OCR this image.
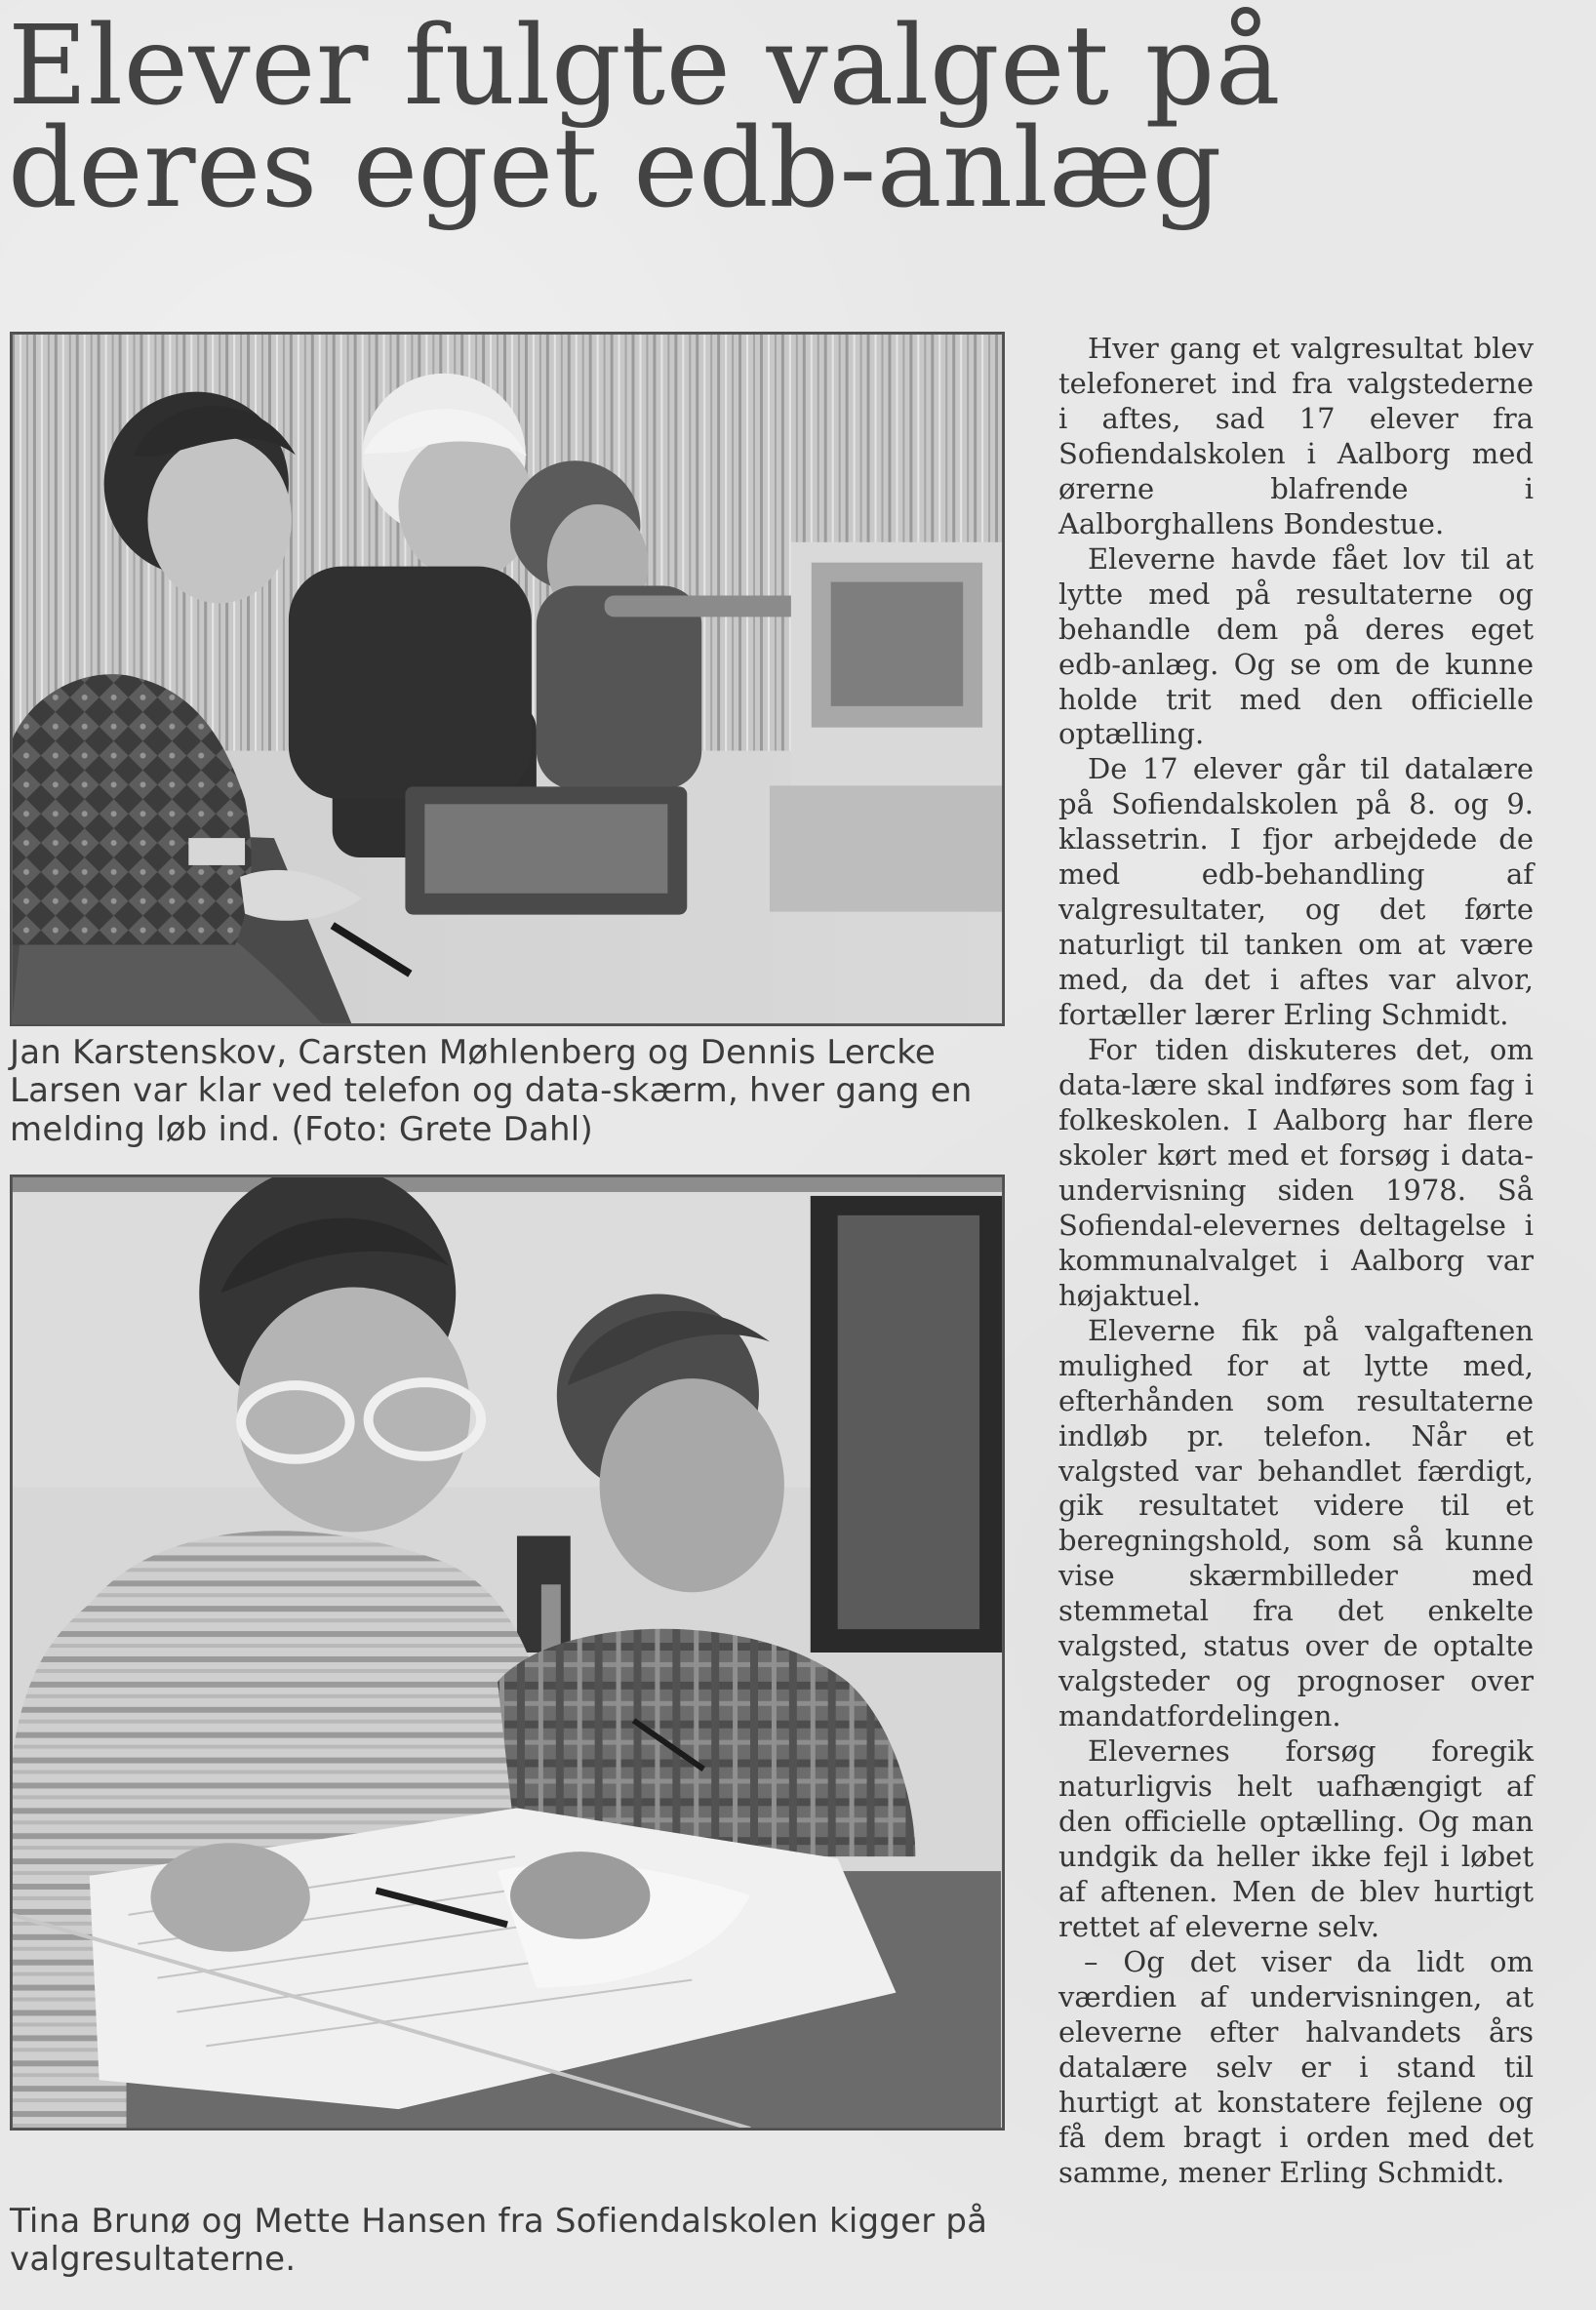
Elever fulgte valget på
deres eget edb-anlæg

Jan Karstenskov, Carsten Møhlenberg og Dennis Lercke Larsen var klar ved telefon og data-skærm, hver gang en melding løb ind. (Foto: Grete Dahl)

Tina Brunø og Mette Hansen fra Sofiendalskolen kigger på valgresultaterne.

Hver gang et valgresultat blev telefoneret ind fra valgstederne i aftes, sad 17 elever fra Sofiendalskolen i Aalborg med ørerne blafrende i Aalborghallens Bondestue.

Eleverne havde fået lov til at lytte med på resultaterne og behandle dem på deres eget edb-anlæg. Og se om de kunne holde trit med den officielle optælling.

De 17 elever går til datalære på Sofiendalskolen på 8. og 9. klassetrin. I fjor arbejdede de med edb-behandling af valgresultater, og det førte naturligt til tanken om at være med, da det i aftes var alvor, fortæller lærer Erling Schmidt.

For tiden diskuteres det, om data-lære skal indføres som fag i folkeskolen. I Aalborg har flere skoler kørt med et forsøg i data-undervisning siden 1978. Så Sofiendal-elevernes deltagelse i kommunalvalget i Aalborg var højaktuel.

Eleverne fik på valgaftenen mulighed for at lytte med, efterhånden som resultaterne indløb pr. telefon. Når et valgsted var behandlet færdigt, gik resultatet videre til et beregningshold, som så kunne vise skærmbilleder med stemmetal fra det enkelte valgsted, status over de optalte valgsteder og prognoser over mandatfordelingen.

Elevernes forsøg foregik naturligvis helt uafhængigt af den officielle optælling. Og man undgik da heller ikke fejl i løbet af aftenen. Men de blev hurtigt rettet af eleverne selv.

– Og det viser da lidt om værdien af undervisningen, at eleverne efter halvandets års datalære selv er i stand til hurtigt at konstatere fejlene og få dem bragt i orden med det samme, mener Erling Schmidt.
